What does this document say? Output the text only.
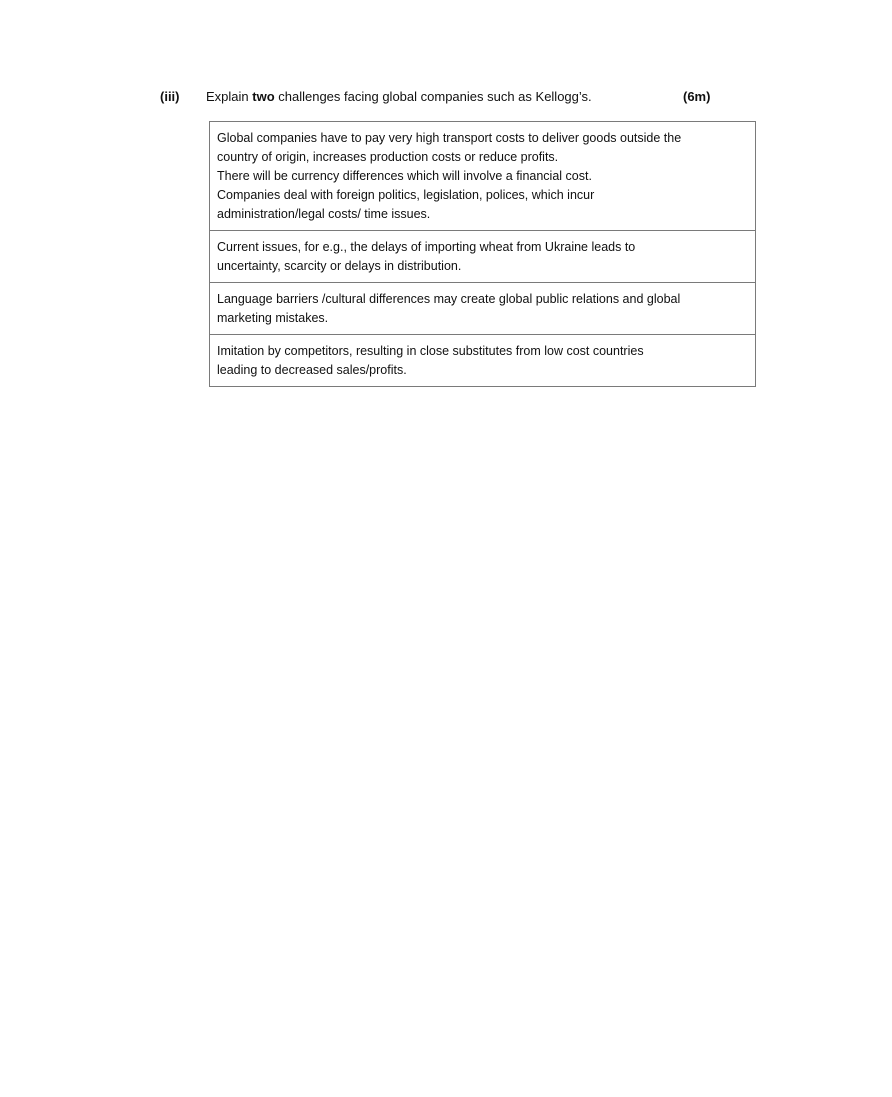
(iii) Explain two challenges facing global companies such as Kellogg’s.	(6m)
Global companies have to pay very high transport costs to deliver goods outside the
country of origin, increases production costs or reduce profits.
There will be currency differences which will involve a financial cost.
Companies deal with foreign politics, legislation, polices, which incur
administration/legal costs/ time issues.
Current issues, for e.g., the delays of importing wheat from Ukraine leads to
uncertainty, scarcity or delays in distribution.
Language barriers /cultural differences may create global public relations and global
marketing mistakes.
Imitation by competitors, resulting in close substitutes from low cost countries
leading to decreased sales/profits.
